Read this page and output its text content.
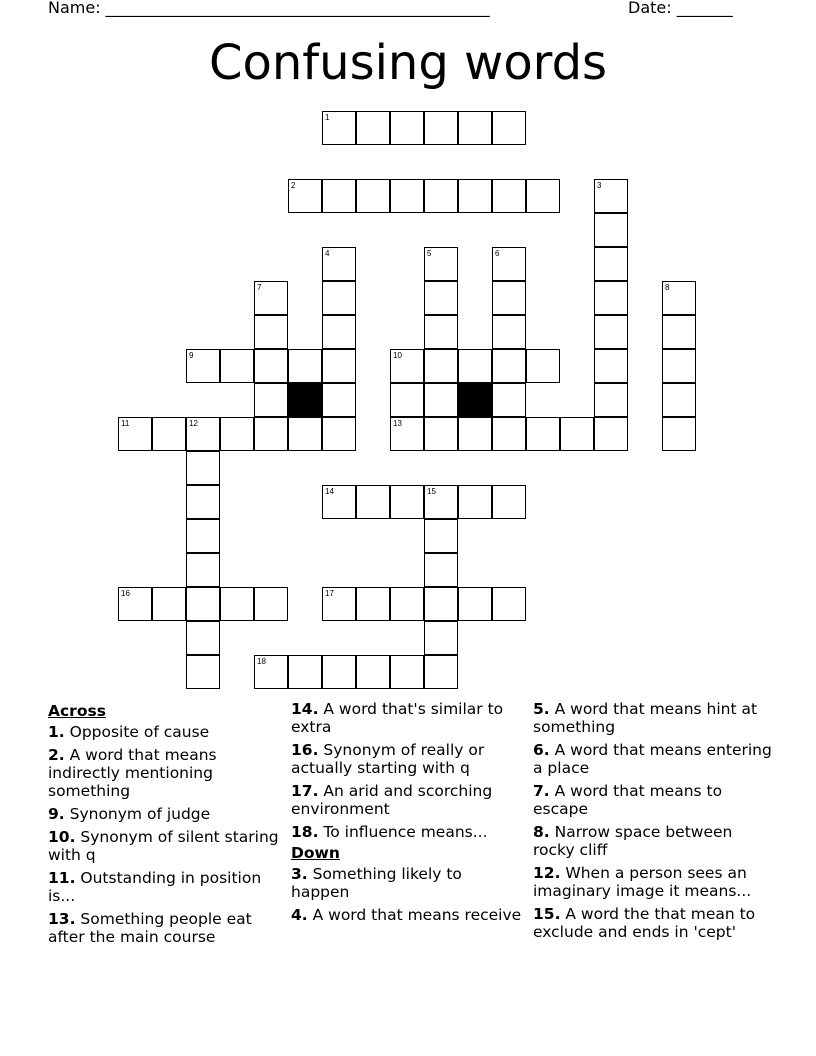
Name: ________________________________________________	Date: _______
Confusing words
1
2	3
4	5	6
7	8
9	10
11	12	13
14	15
16	17
18
Across
1. Opposite of cause
2. A word that means indirectly mentioning something
9. Synonym of judge
10. Synonym of silent staring with q
11. Outstanding in position is...
13. Something people eat after the main course
14. A word that's similar to extra
16. Synonym of really or actually starting with q
17. An arid and scorching environment
18. To influence means...
Down
3. Something likely to happen
4. A word that means receive
5. A word that means hint at something
6. A word that means entering a place
7. A word that means to escape
8. Narrow space between rocky cliff
12. When a person sees an imaginary image it means...
15. A word the that mean to exclude and ends in 'cept'
